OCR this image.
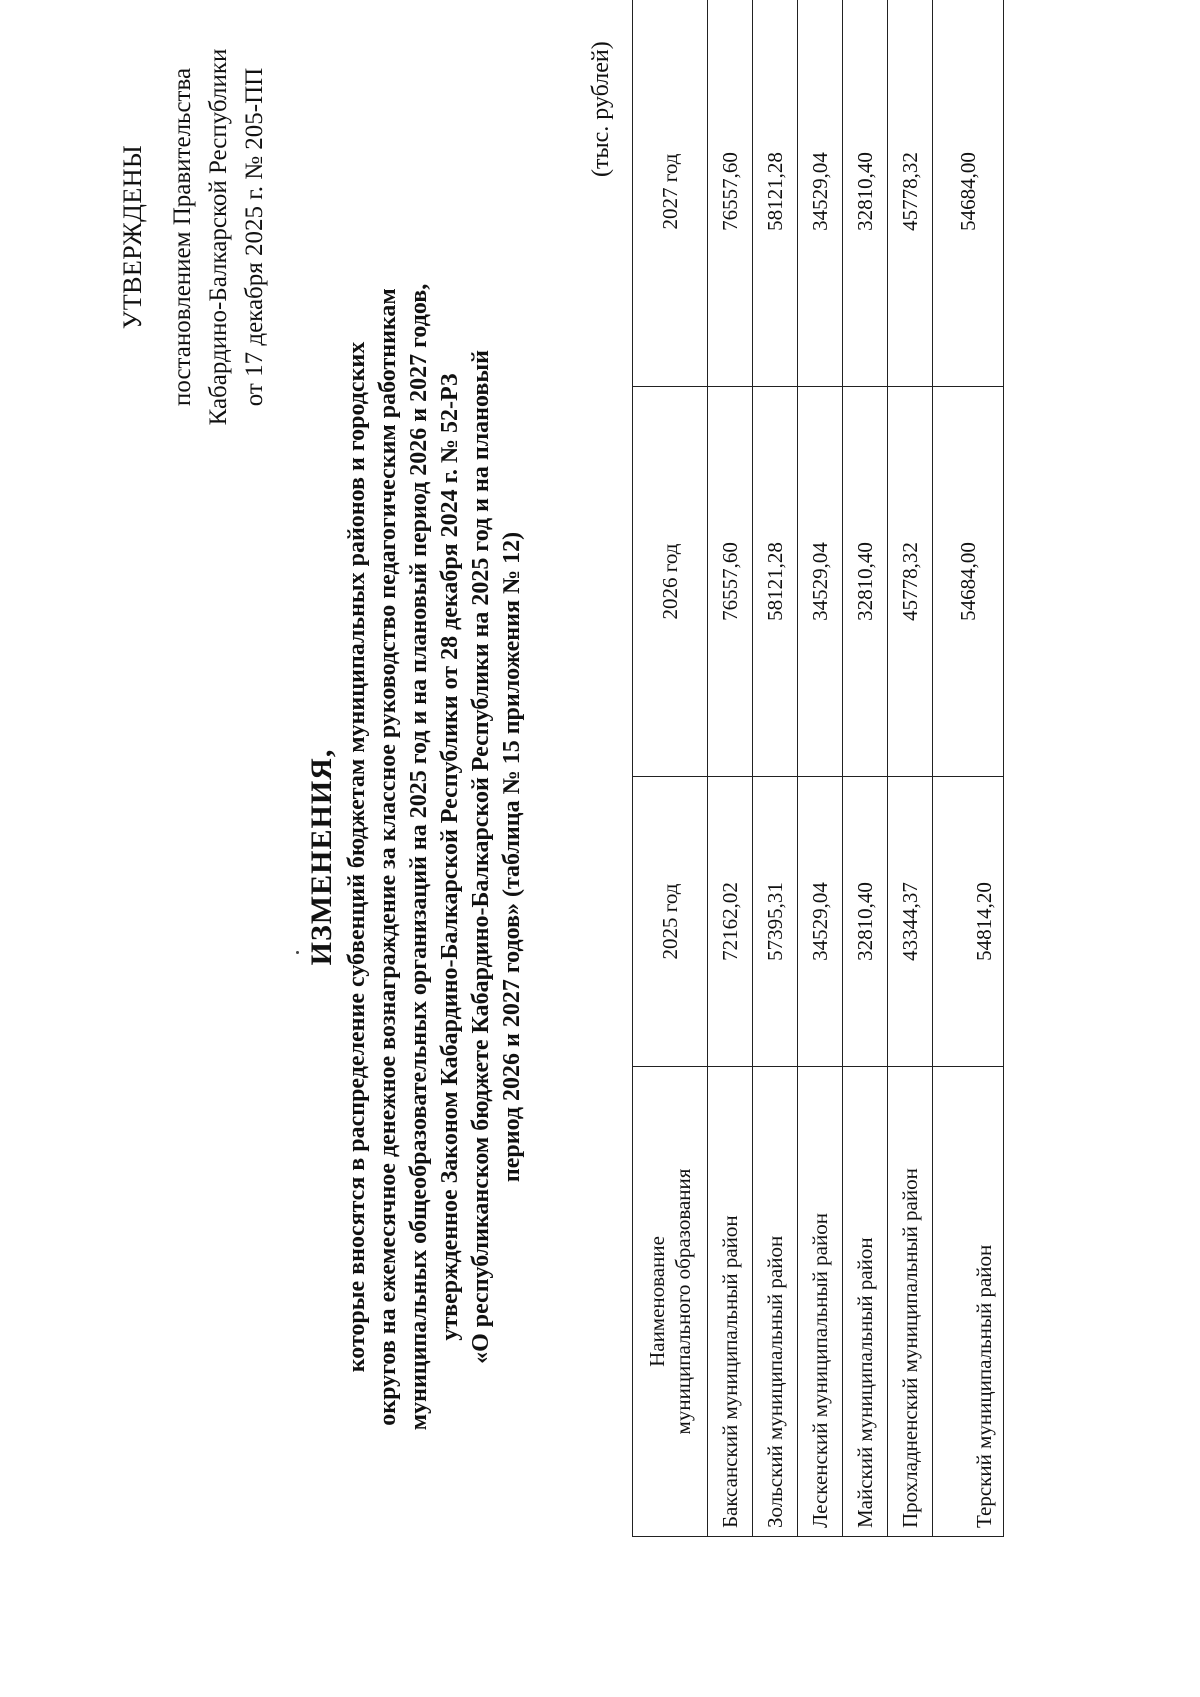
УТВЕРЖДЕНЫ постановлением Правительства Кабардино-Балкарской Республики от 17 декабря 2025 г. № 205-ПП
ИЗМЕНЕНИЯ, которые вносятся в распределение субвенций бюджетам муниципальных районов и городских округов на ежемесячное денежное вознаграждение за классное руководство педагогическим работникам муниципальных общеобразовательных организаций на 2025 год и на плановый период 2026 и 2027 годов, утвержденное Законом Кабардино-Балкарской Республики от 28 декабря 2024 г. № 52-РЗ «О республиканском бюджете Кабардино-Балкарской Республики на 2025 год и на плановый период 2026 и 2027 годов» (таблица № 15 приложения № 12)
(тыс. рублей)
Наименование муниципального образования	2025 год	2026 год	2027 год
Баксанский муниципальный район	72162,02	76557,60	76557,60
Зольский муниципальный район	57395,31	58121,28	58121,28
Лескенский муниципальный район	34529,04	34529,04	34529,04
Майский муниципальный район	32810,40	32810,40	32810,40
Прохладненский муниципальный район	43344,37	45778,32	45778,32
Терский муниципальный район	54814,20	54684,00	54684,00
